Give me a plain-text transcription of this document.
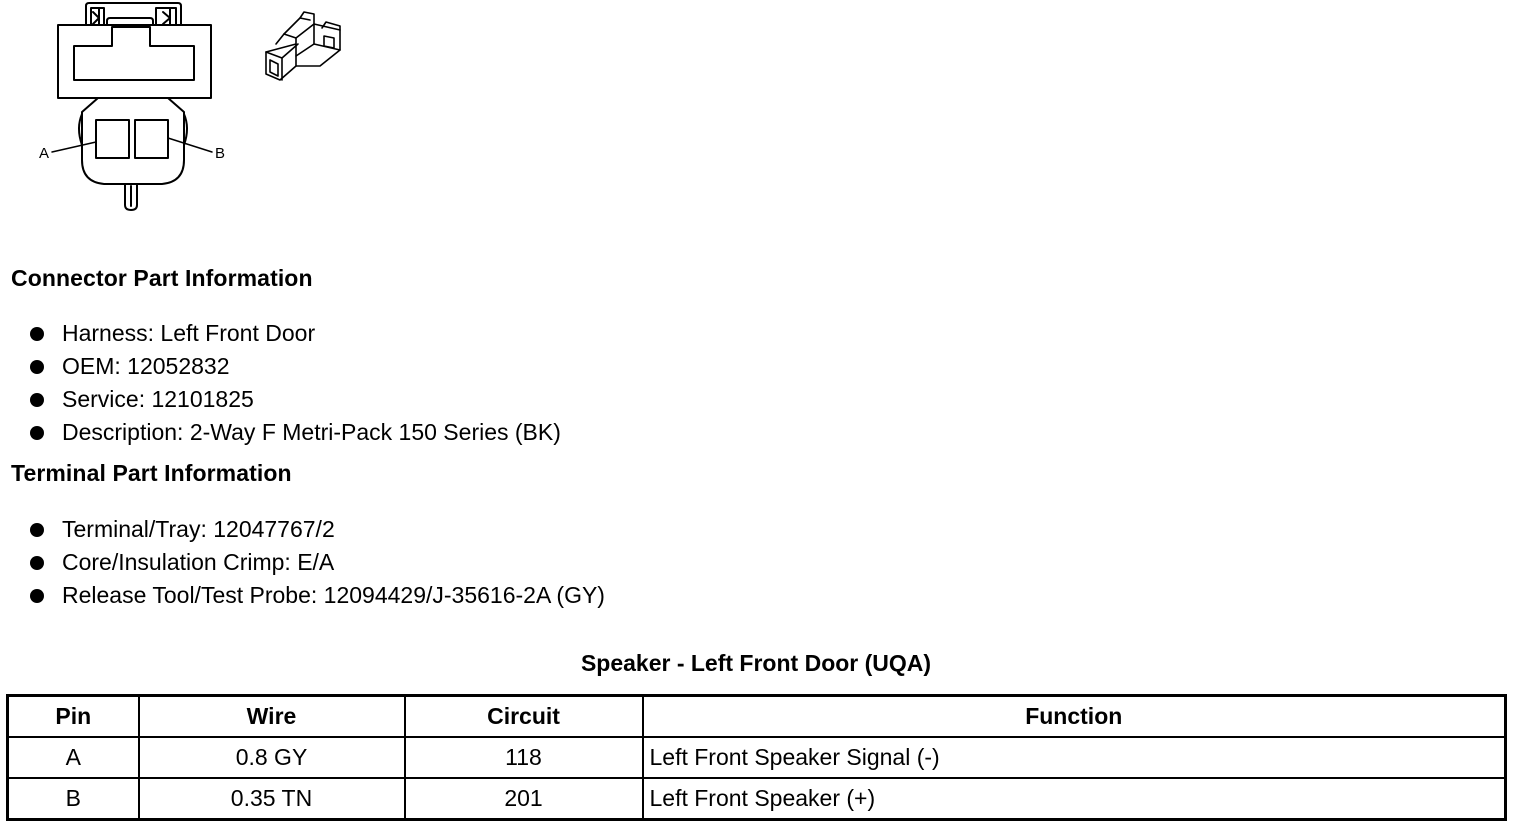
A	B
Connector Part Information
Harness: Left Front Door
OEM: 12052832
Service: 12101825
Description: 2-Way F Metri-Pack 150 Series (BK)
Terminal Part Information
Terminal/Tray: 12047767/2
Core/Insulation Crimp: E/A
Release Tool/Test Probe: 12094429/J-35616-2A (GY)
Speaker - Left Front Door (UQA)
Pin	Wire	Circuit	Function
A	0.8 GY	118	Left Front Speaker Signal (-)
B	0.35 TN	201	Left Front Speaker (+)
